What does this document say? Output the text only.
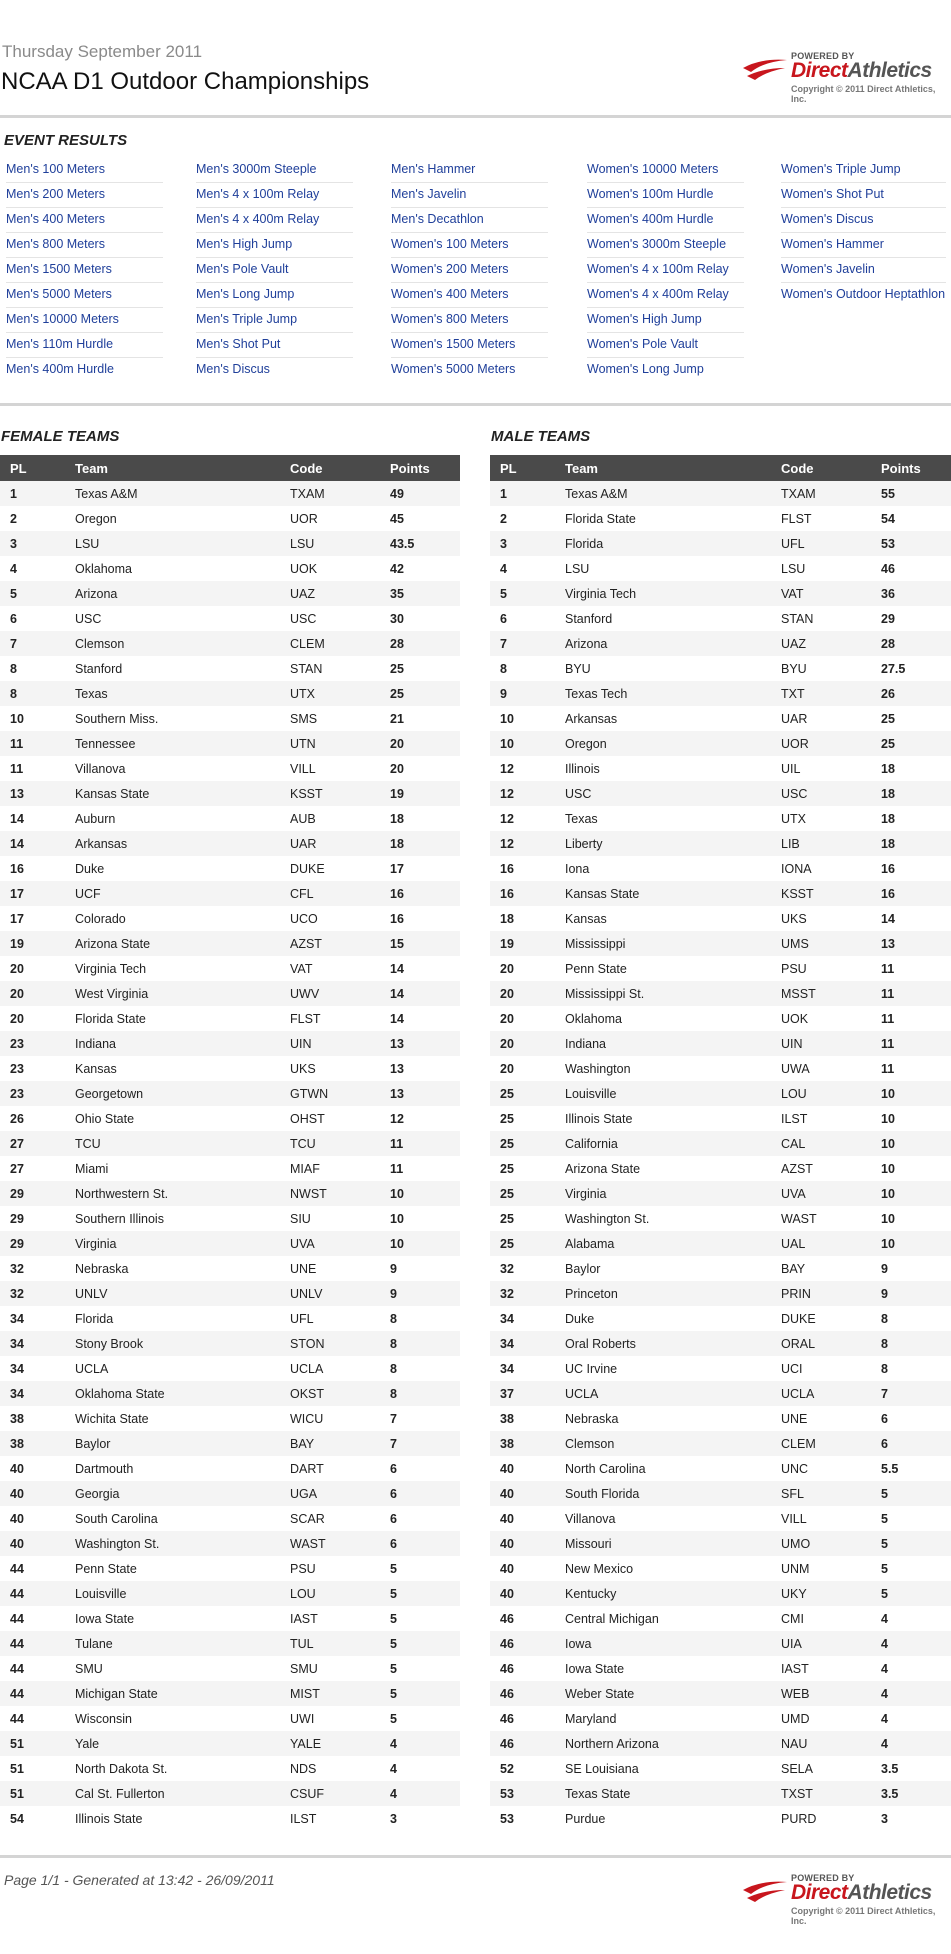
Thursday September 2011
NCAA D1 Outdoor Championships
POWERED BY
DirectAthletics
Copyright © 2011 Direct Athletics, Inc.
EVENT RESULTS
Men's 100 Meters
Men's 200 Meters
Men's 400 Meters
Men's 800 Meters
Men's 1500 Meters
Men's 5000 Meters
Men's 10000 Meters
Men's 110m Hurdle
Men's 400m Hurdle
Men's 3000m Steeple
Men's 4 x 100m Relay
Men's 4 x 400m Relay
Men's High Jump
Men's Pole Vault
Men's Long Jump
Men's Triple Jump
Men's Shot Put
Men's Discus
Men's Hammer
Men's Javelin
Men's Decathlon
Women's 100 Meters
Women's 200 Meters
Women's 400 Meters
Women's 800 Meters
Women's 1500 Meters
Women's 5000 Meters
Women's 10000 Meters
Women's 100m Hurdle
Women's 400m Hurdle
Women's 3000m Steeple
Women's 4 x 100m Relay
Women's 4 x 400m Relay
Women's High Jump
Women's Pole Vault
Women's Long Jump
Women's Triple Jump
Women's Shot Put
Women's Discus
Women's Hammer
Women's Javelin
Women's Outdoor Heptathlon
FEMALE TEAMS	MALE TEAMS
PL	Team	Code	Points
1	Texas A&M	TXAM	49
2	Oregon	UOR	45
3	LSU	LSU	43.5
4	Oklahoma	UOK	42
5	Arizona	UAZ	35
6	USC	USC	30
7	Clemson	CLEM	28
8	Stanford	STAN	25
8	Texas	UTX	25
10	Southern Miss.	SMS	21
11	Tennessee	UTN	20
11	Villanova	VILL	20
13	Kansas State	KSST	19
14	Auburn	AUB	18
14	Arkansas	UAR	18
16	Duke	DUKE	17
17	UCF	CFL	16
17	Colorado	UCO	16
19	Arizona State	AZST	15
20	Virginia Tech	VAT	14
20	West Virginia	UWV	14
20	Florida State	FLST	14
23	Indiana	UIN	13
23	Kansas	UKS	13
23	Georgetown	GTWN	13
26	Ohio State	OHST	12
27	TCU	TCU	11
27	Miami	MIAF	11
29	Northwestern St.	NWST	10
29	Southern Illinois	SIU	10
29	Virginia	UVA	10
32	Nebraska	UNE	9
32	UNLV	UNLV	9
34	Florida	UFL	8
34	Stony Brook	STON	8
34	UCLA	UCLA	8
34	Oklahoma State	OKST	8
38	Wichita State	WICU	7
38	Baylor	BAY	7
40	Dartmouth	DART	6
40	Georgia	UGA	6
40	South Carolina	SCAR	6
40	Washington St.	WAST	6
44	Penn State	PSU	5
44	Louisville	LOU	5
44	Iowa State	IAST	5
44	Tulane	TUL	5
44	SMU	SMU	5
44	Michigan State	MIST	5
44	Wisconsin	UWI	5
51	Yale	YALE	4
51	North Dakota St.	NDS	4
51	Cal St. Fullerton	CSUF	4
54	Illinois State	ILST	3
PL	Team	Code	Points
1	Texas A&M	TXAM	55
2	Florida State	FLST	54
3	Florida	UFL	53
4	LSU	LSU	46
5	Virginia Tech	VAT	36
6	Stanford	STAN	29
7	Arizona	UAZ	28
8	BYU	BYU	27.5
9	Texas Tech	TXT	26
10	Arkansas	UAR	25
10	Oregon	UOR	25
12	Illinois	UIL	18
12	USC	USC	18
12	Texas	UTX	18
12	Liberty	LIB	18
16	Iona	IONA	16
16	Kansas State	KSST	16
18	Kansas	UKS	14
19	Mississippi	UMS	13
20	Penn State	PSU	11
20	Mississippi St.	MSST	11
20	Oklahoma	UOK	11
20	Indiana	UIN	11
20	Washington	UWA	11
25	Louisville	LOU	10
25	Illinois State	ILST	10
25	California	CAL	10
25	Arizona State	AZST	10
25	Virginia	UVA	10
25	Washington St.	WAST	10
25	Alabama	UAL	10
32	Baylor	BAY	9
32	Princeton	PRIN	9
34	Duke	DUKE	8
34	Oral Roberts	ORAL	8
34	UC Irvine	UCI	8
37	UCLA	UCLA	7
38	Nebraska	UNE	6
38	Clemson	CLEM	6
40	North Carolina	UNC	5.5
40	South Florida	SFL	5
40	Villanova	VILL	5
40	Missouri	UMO	5
40	New Mexico	UNM	5
40	Kentucky	UKY	5
46	Central Michigan	CMI	4
46	Iowa	UIA	4
46	Iowa State	IAST	4
46	Weber State	WEB	4
46	Maryland	UMD	4
46	Northern Arizona	NAU	4
52	SE Louisiana	SELA	3.5
53	Texas State	TXST	3.5
53	Purdue	PURD	3
Page 1/1 - Generated at 13:42 - 26/09/2011	POWERED BY
DirectAthletics
Copyright © 2011 Direct Athletics, Inc.
